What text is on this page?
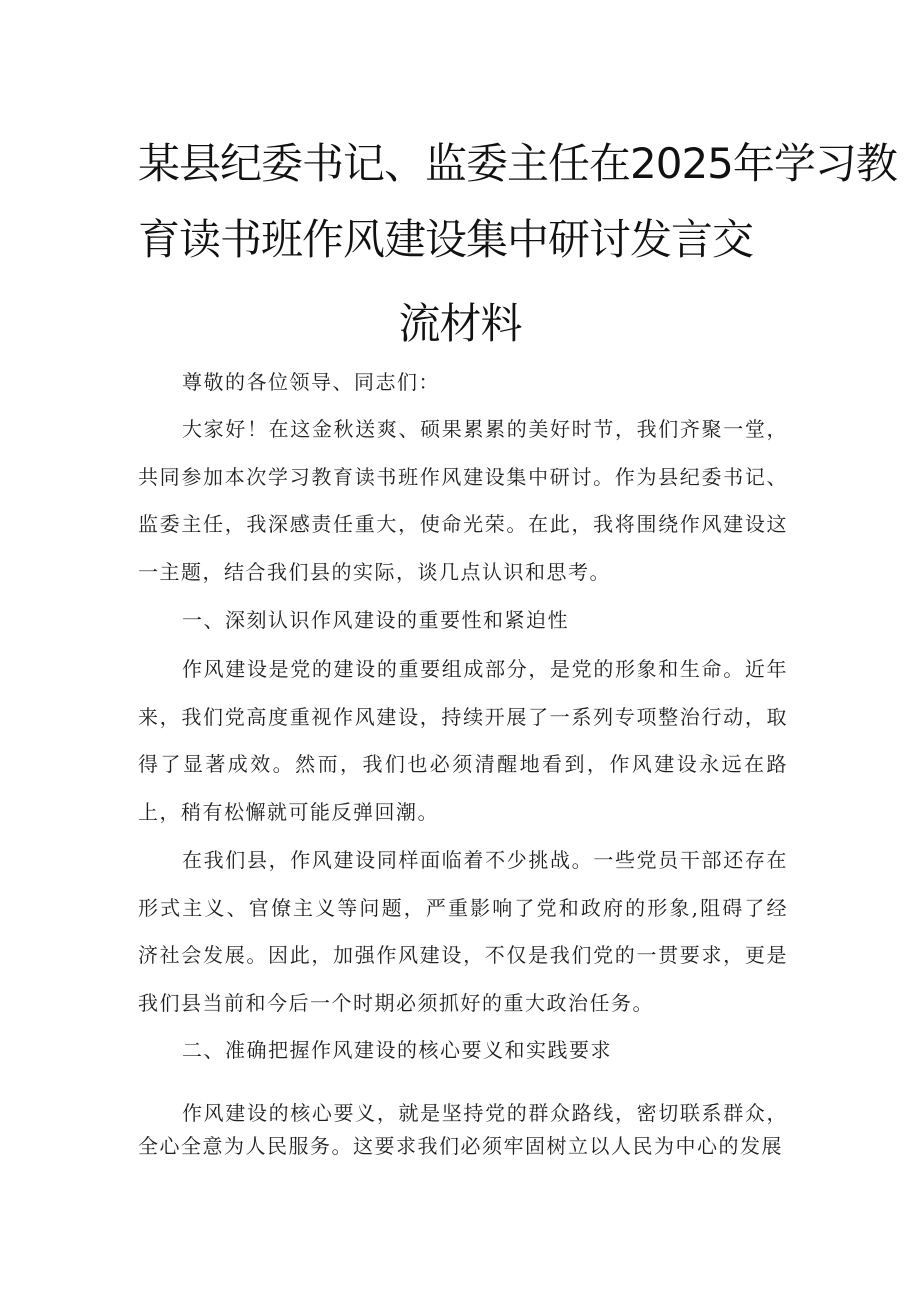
某县纪委书记、监委主任在2025年学习教
育读书班作风建设集中研讨发言交
流材料

尊敬的各位领导、同志们：

大家好！在这金秋送爽、硕果累累的美好时节，我们齐聚一堂，共同参加本次学习教育读书班作风建设集中研讨。作为县纪委书记、监委主任，我深感责任重大，使命光荣。在此，我将围绕作风建设这一主题，结合我们县的实际，谈几点认识和思考。

一、深刻认识作风建设的重要性和紧迫性

作风建设是党的建设的重要组成部分，是党的形象和生命。近年来，我们党高度重视作风建设，持续开展了一系列专项整治行动，取得了显著成效。然而，我们也必须清醒地看到，作风建设永远在路上，稍有松懈就可能反弹回潮。

在我们县，作风建设同样面临着不少挑战。一些党员干部还存在形式主义、官僚主义等问题，严重影响了党和政府的形象,阻碍了经济社会发展。因此，加强作风建设，不仅是我们党的一贯要求，更是我们县当前和今后一个时期必须抓好的重大政治任务。

二、准确把握作风建设的核心要义和实践要求

作风建设的核心要义，就是坚持党的群众路线，密切联系群众，全心全意为人民服务。这要求我们必须牢固树立以人民为中心的发展
